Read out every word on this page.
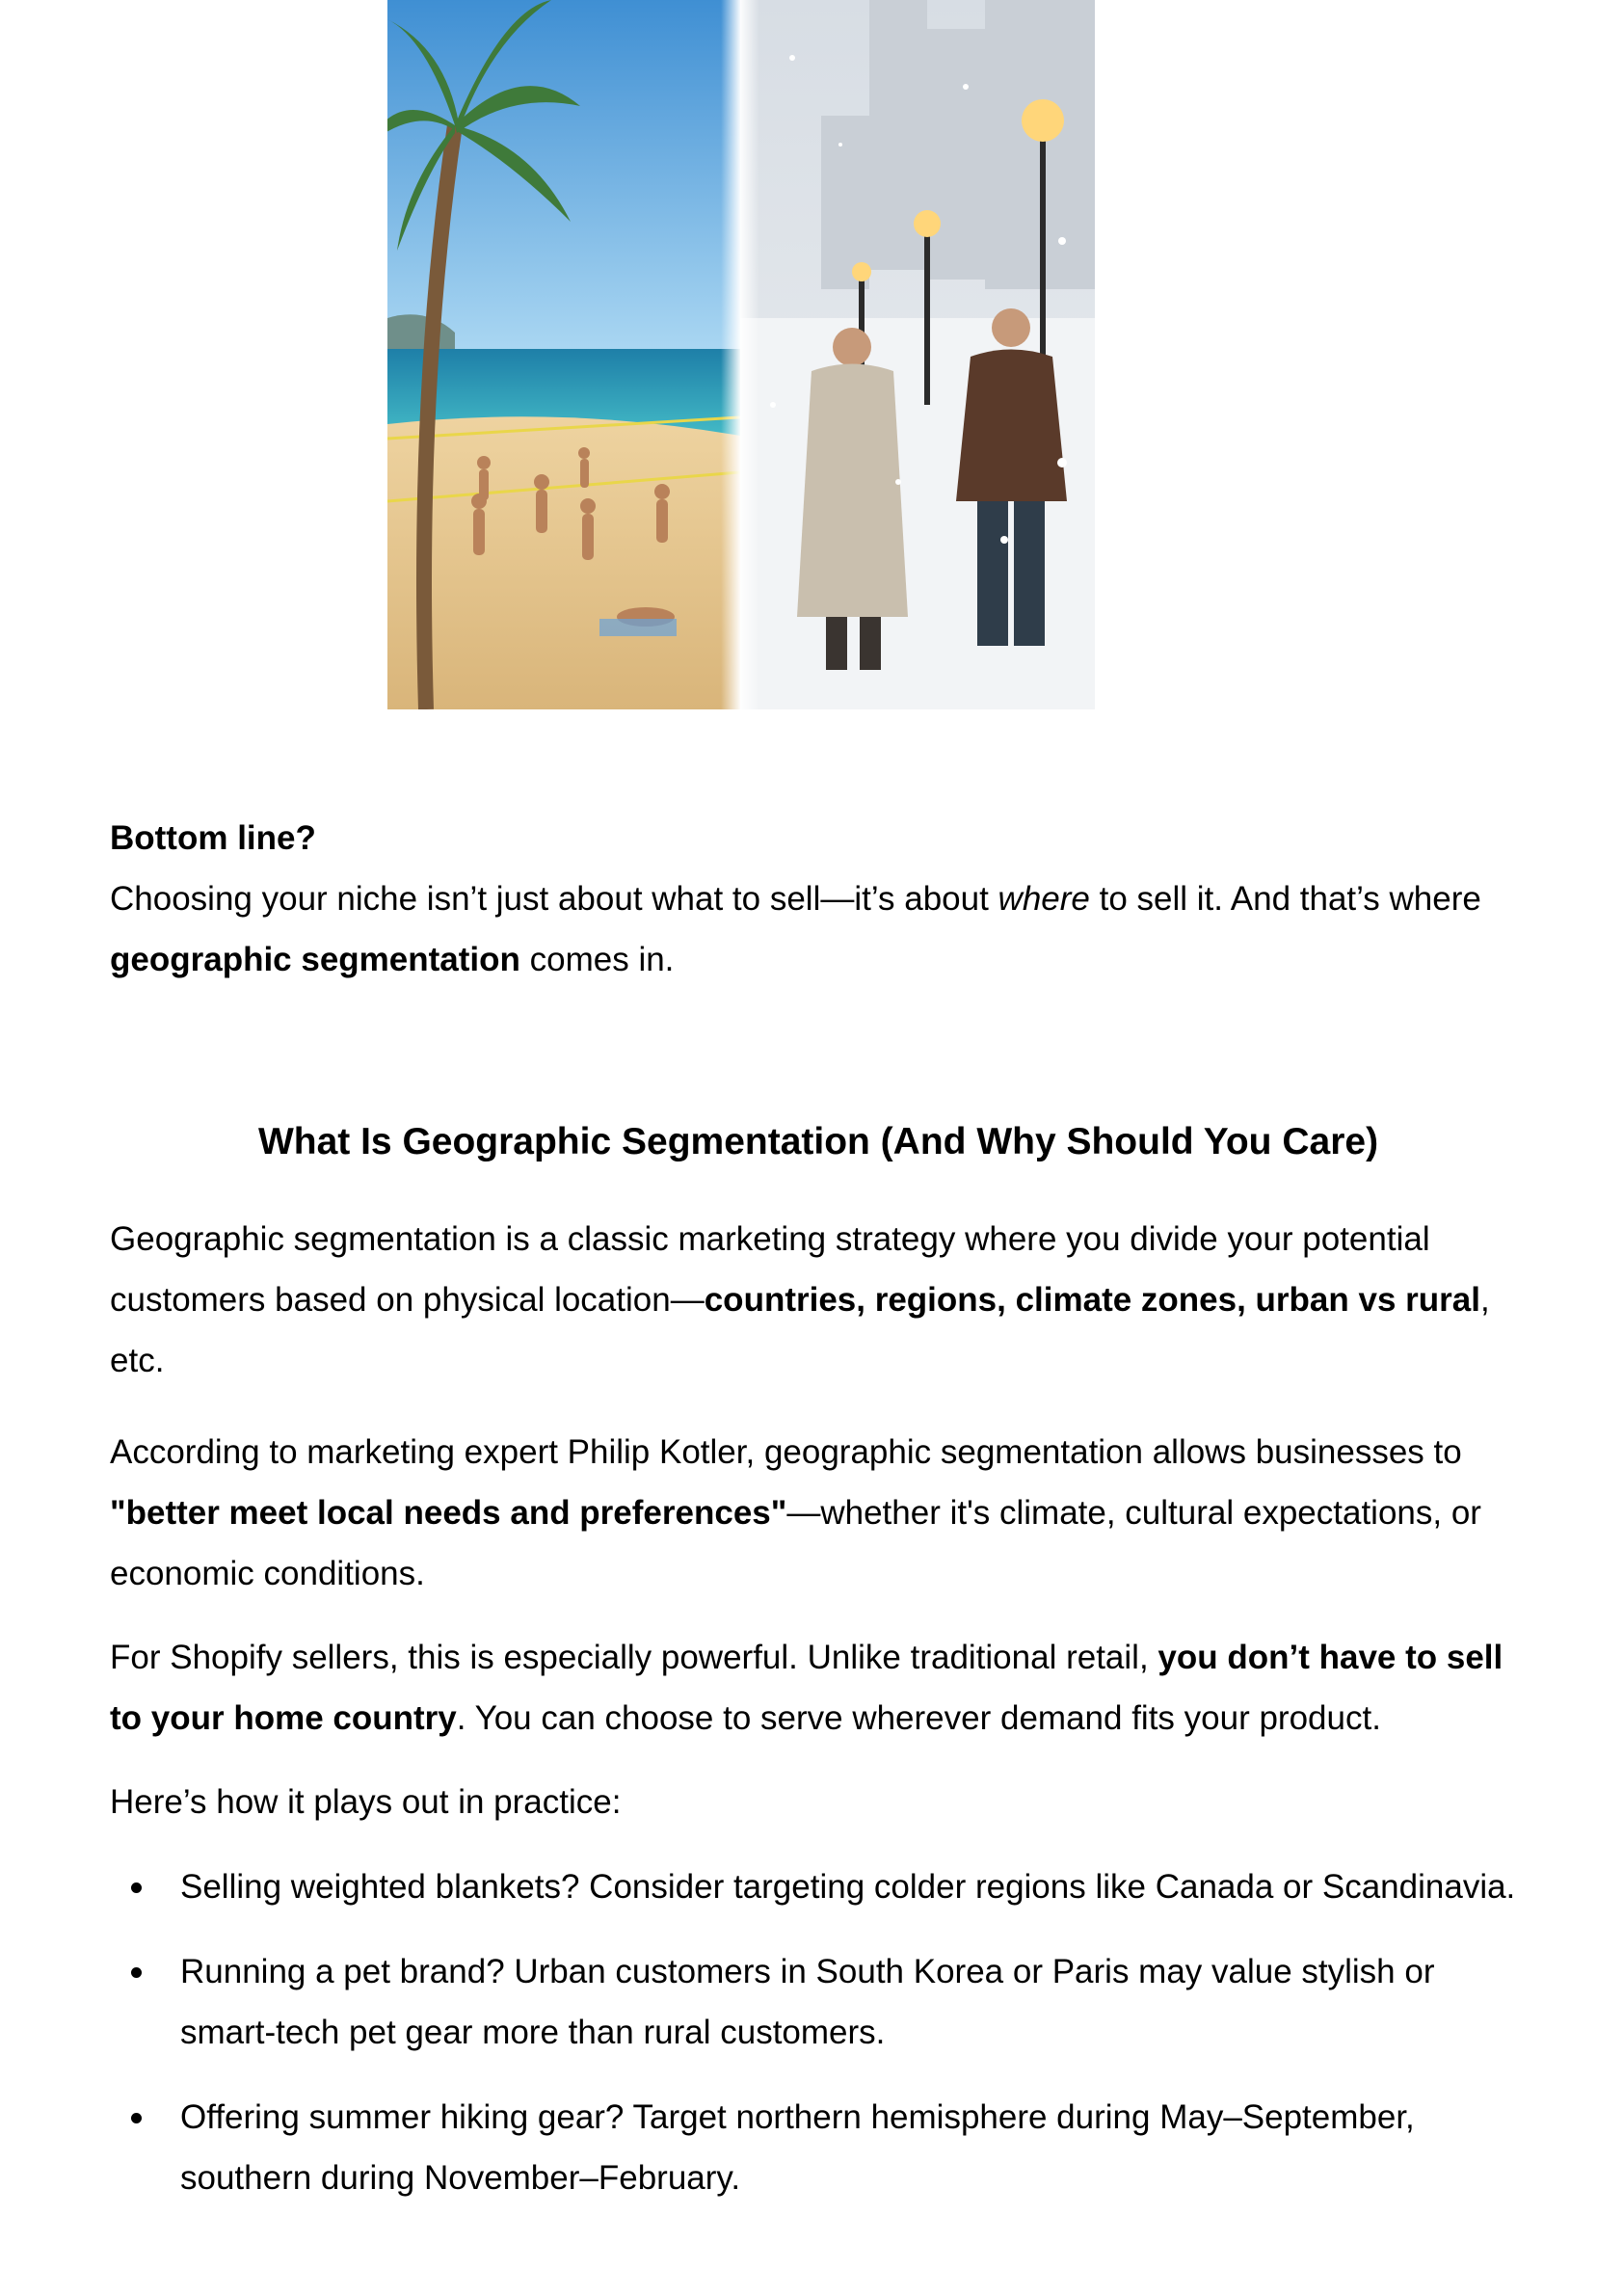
Bottom line?

Choosing your niche isn’t just about what to sell—it’s about where to sell it. And that’s where geographic segmentation comes in.

What Is Geographic Segmentation (And Why Should You Care)

Geographic segmentation is a classic marketing strategy where you divide your potential customers based on physical location—countries, regions, climate zones, urban vs rural, etc.

According to marketing expert Philip Kotler, geographic segmentation allows businesses to "better meet local needs and preferences"—whether it's climate, cultural expectations, or economic conditions.

For Shopify sellers, this is especially powerful. Unlike traditional retail, you don’t have to sell to your home country. You can choose to serve wherever demand fits your product.

Here’s how it plays out in practice:

Selling weighted blankets? Consider targeting colder regions like Canada or Scandinavia.
Running a pet brand? Urban customers in South Korea or Paris may value stylish or smart-tech pet gear more than rural customers.
Offering summer hiking gear? Target northern hemisphere during May–September, southern during November–February.
